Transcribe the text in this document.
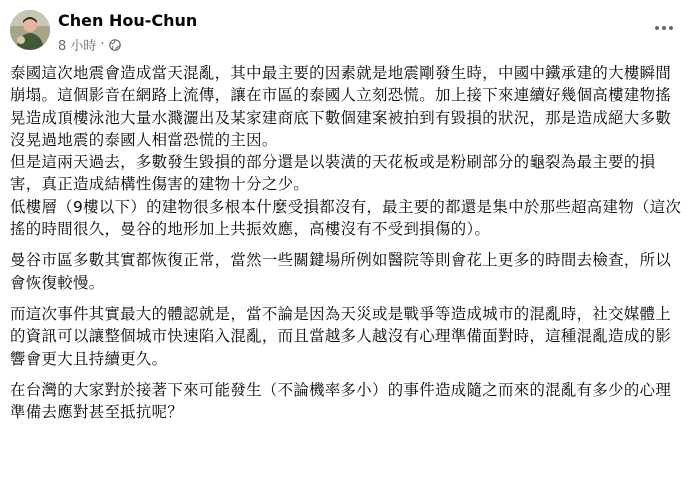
Chen Hou-Chun
8 小時 ·

泰國這次地震會造成當天混亂，其中最主要的因素就是地震剛發生時，中國中鐵承建的大樓瞬間崩塌。這個影音在網路上流傳，讓在市區的泰國人立刻恐慌。加上接下來連續好幾個高樓建物搖晃造成頂樓泳池大量水濺灑出及某家建商底下數個建案被拍到有毀損的狀況，那是造成絕大多數沒晃過地震的泰國人相當恐慌的主因。

但是這兩天過去，多數發生毀損的部分還是以裝潢的天花板或是粉刷部分的龜裂為最主要的損害，真正造成結構性傷害的建物十分之少。

低樓層（9樓以下）的建物很多根本什麼受損都沒有，最主要的都還是集中於那些超高建物（這次搖的時間很久，曼谷的地形加上共振效應，高樓沒有不受到損傷的）。

曼谷市區多數其實都恢復正常，當然一些關鍵場所例如醫院等則會花上更多的時間去檢查，所以會恢復較慢。

而這次事件其實最大的體認就是，當不論是因為天災或是戰爭等造成城市的混亂時，社交媒體上的資訊可以讓整個城市快速陷入混亂，而且當越多人越沒有心理準備面對時，這種混亂造成的影響會更大且持續更久。

在台灣的大家對於接著下來可能發生（不論機率多小）的事件造成隨之而來的混亂有多少的心理準備去應對甚至抵抗呢？
